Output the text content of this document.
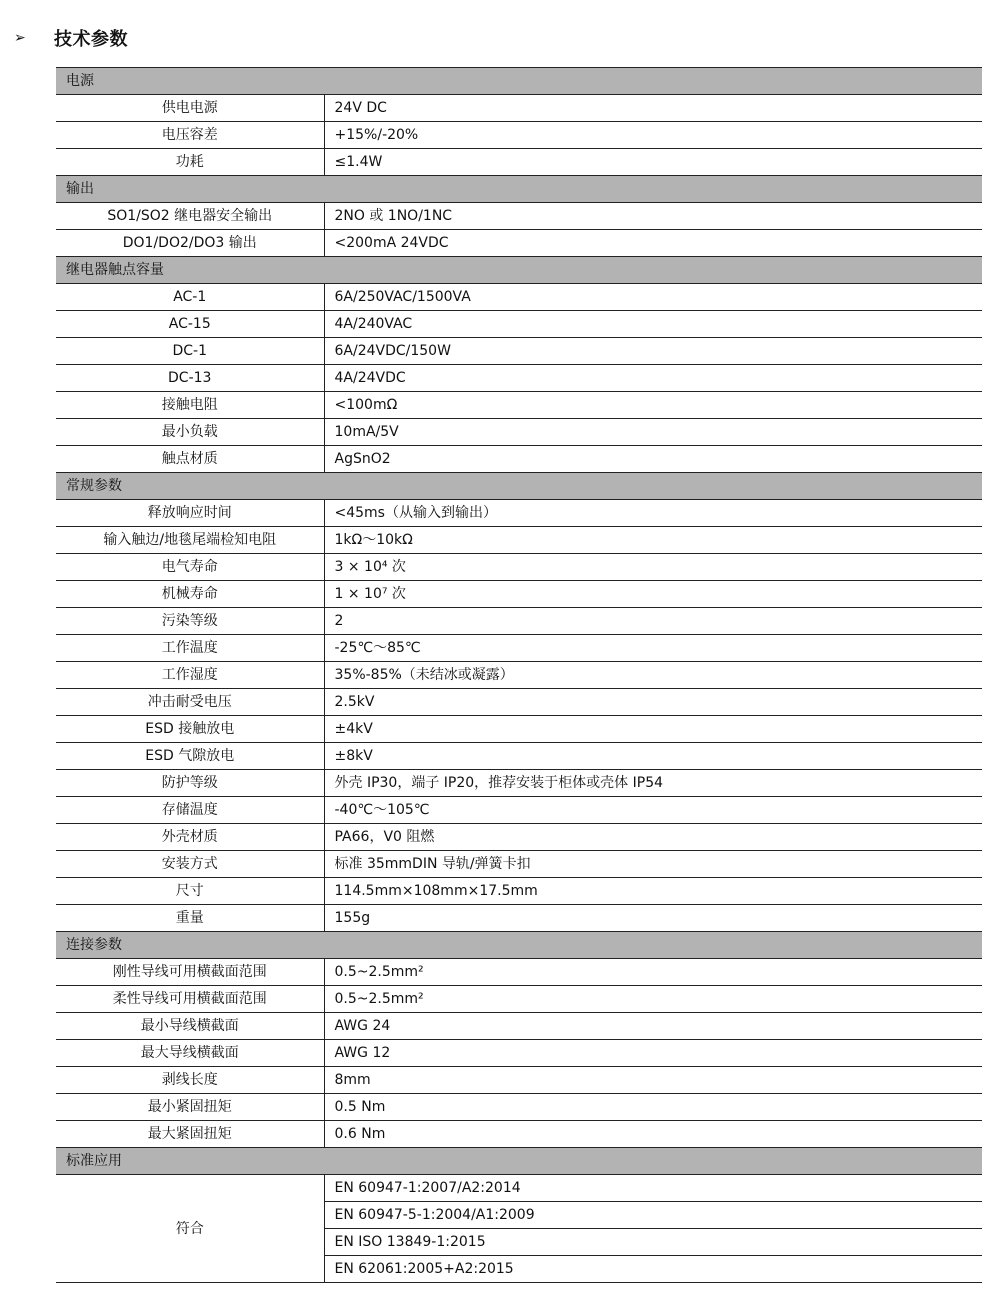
➢	技术参数
电源	
供电电源	24V DC
电压容差	+15%/-20%
功耗	≤1.4W
输出	
SO1/SO2 继电器安全输出	2NO 或 1NO/1NC
DO1/DO2/DO3 输出	<200mA 24VDC
继电器触点容量	
AC-1	6A/250VAC/1500VA
AC-15	4A/240VAC
DC-1	6A/24VDC/150W
DC-13	4A/24VDC
接触电阻	<100mΩ
最小负载	10mA/5V
触点材质	AgSnO2
常规参数	
释放响应时间	<45ms（从输入到输出）
输入触边/地毯尾端检知电阻	1kΩ～10kΩ
电气寿命	3 × 10⁴ 次
机械寿命	1 × 10⁷ 次
污染等级	2
工作温度	-25℃～85℃
工作湿度	35%-85%（未结冰或凝露）
冲击耐受电压	2.5kV
ESD 接触放电	±4kV
ESD 气隙放电	±8kV
防护等级	外壳 IP30，端子 IP20，推荐安装于柜体或壳体 IP54
存储温度	-40℃～105℃
外壳材质	PA66，V0 阻燃
安装方式	标准 35mmDIN 导轨/弹簧卡扣
尺寸	114.5mm×108mm×17.5mm
重量	155g
连接参数	
刚性导线可用横截面范围	0.5~2.5mm²
柔性导线可用横截面范围	0.5~2.5mm²
最小导线横截面	AWG 24
最大导线横截面	AWG 12
剥线长度	8mm
最小紧固扭矩	0.5 Nm
最大紧固扭矩	0.6 Nm
标准应用	
符合	EN 60947-1:2007/A2:2014
	EN 60947-5-1:2004/A1:2009
	EN ISO 13849-1:2015
	EN 62061:2005+A2:2015
